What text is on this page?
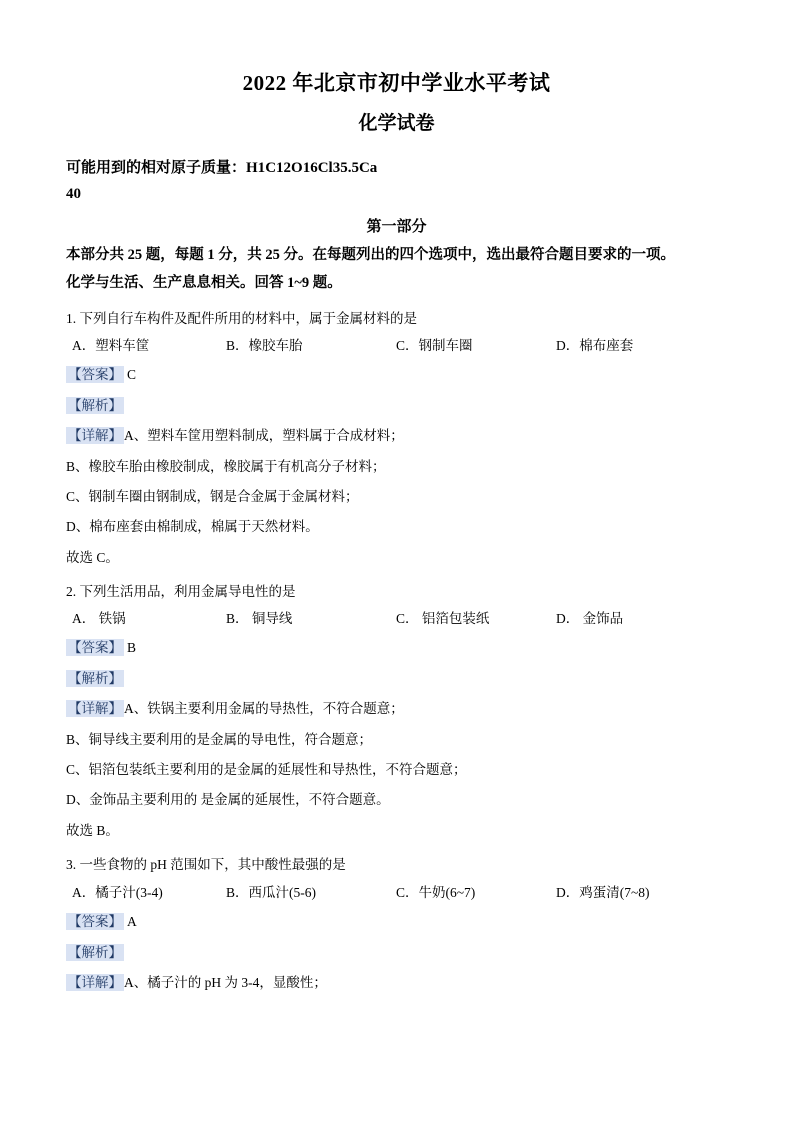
2022 年北京市初中学业水平考试
化学试卷
可能用到的相对原子质量：H1C12O16Cl35.5Ca
40
第一部分
本部分共 25 题，每题 1 分，共 25 分。在每题列出的四个选项中，选出最符合题目要求的一项。
化学与生活、生产息息相关。回答 1~9 题。
1. 下列自行车构件及配件所用的材料中，属于金属材料的是
A．塑料车筐	B．橡胶车胎	C．钢制车圈	D．棉布座套
【答案】 C
【解析】
【详解】 A、塑料车筐用塑料制成，塑料属于合成材料；
B、橡胶车胎由橡胶制成，橡胶属于有机高分子材料；
C、钢制车圈由钢制成，钢是合金属于金属材料；
D、棉布座套由棉制成，棉属于天然材料。
故选 C。
2. 下列生活用品，利用金属导电性的是
A． 铁锅	B． 铜导线	C． 铝箔包装纸	D． 金饰品
【答案】 B
【解析】
【详解】 A、铁锅主要利用金属的导热性，不符合题意；
B、铜导线主要利用的是金属的导电性，符合题意；
C、铝箔包装纸主要利用的是金属的延展性和导热性，不符合题意；
D、金饰品主要利用的 是金属的延展性，不符合题意。
故选 B。
3. 一些食物的 pH 范围如下，其中酸性最强的是
A．橘子汁(3-4)	B．西瓜汁(5-6)	C．牛奶(6~7)	D．鸡蛋清(7~8)
【答案】 A
【解析】
【详解】 A、橘子汁的 pH 为 3-4，显酸性；
